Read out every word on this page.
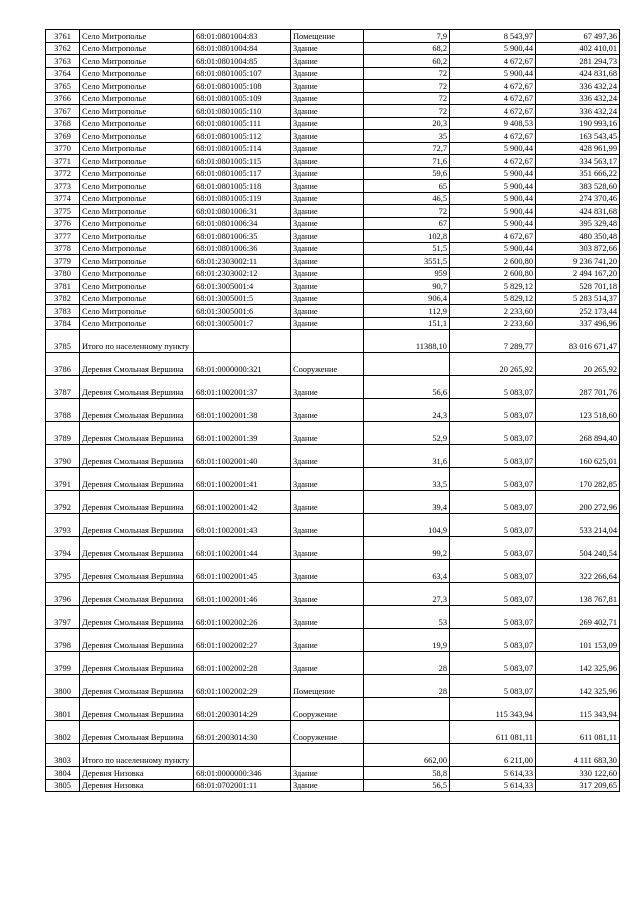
3761	Село Митрополье	68:01:0801004:83	Помещение	7,9	8 543,97	67 497,36
3762	Село Митрополье	68:01:0801004:84	Здание	68,2	5 900,44	402 410,01
3763	Село Митрополье	68:01:0801004:85	Здание	60,2	4 672,67	281 294,73
3764	Село Митрополье	68:01:0801005:107	Здание	72	5 900,44	424 831,68
3765	Село Митрополье	68:01:0801005:108	Здание	72	4 672,67	336 432,24
3766	Село Митрополье	68:01:0801005:109	Здание	72	4 672,67	336 432,24
3767	Село Митрополье	68:01:0801005:110	Здание	72	4 672,67	336 432,24
3768	Село Митрополье	68:01:0801005:111	Здание	20,3	9 408,53	190 993,16
3769	Село Митрополье	68:01:0801005:112	Здание	35	4 672,67	163 543,45
3770	Село Митрополье	68:01:0801005:114	Здание	72,7	5 900,44	428 961,99
3771	Село Митрополье	68:01:0801005:115	Здание	71,6	4 672,67	334 563,17
3772	Село Митрополье	68:01:0801005:117	Здание	59,6	5 900,44	351 666,22
3773	Село Митрополье	68:01:0801005:118	Здание	65	5 900,44	383 528,60
3774	Село Митрополье	68:01:0801005:119	Здание	46,5	5 900,44	274 370,46
3775	Село Митрополье	68:01:0801006:31	Здание	72	5 900,44	424 831,68
3776	Село Митрополье	68:01:0801006:34	Здание	67	5 900,44	395 329,48
3777	Село Митрополье	68:01:0801006:35	Здание	102,8	4 672,67	480 350,48
3778	Село Митрополье	68:01:0801006:36	Здание	51,5	5 900,44	303 872,66
3779	Село Митрополье	68:01:2303002:11	Здание	3551,5	2 600,80	9 236 741,20
3780	Село Митрополье	68:01:2303002:12	Здание	959	2 600,80	2 494 167,20
3781	Село Митрополье	68:01:3005001:4	Здание	90,7	5 829,12	528 701,18
3782	Село Митрополье	68:01:3005001:5	Здание	906,4	5 829,12	5 283 514,37
3783	Село Митрополье	68:01:3005001:6	Здание	112,9	2 233,60	252 173,44
3784	Село Митрополье	68:01:3005001:7	Здание	151,1	2 233,60	337 496,96
3785	Итого по населенному пункту			11388,10	7 289,77	83 016 671,47
3786	Деревня Смольная Вершина	68:01:0000000:321	Сооружение		20 265,92	20 265,92
3787	Деревня Смольная Вершина	68:01:1002001:37	Здание	56,6	5 083,07	287 701,76
3788	Деревня Смольная Вершина	68:01:1002001:38	Здание	24,3	5 083,07	123 518,60
3789	Деревня Смольная Вершина	68:01:1002001:39	Здание	52,9	5 083,07	268 894,40
3790	Деревня Смольная Вершина	68:01:1002001:40	Здание	31,6	5 083,07	160 625,01
3791	Деревня Смольная Вершина	68:01:1002001:41	Здание	33,5	5 083,07	170 282,85
3792	Деревня Смольная Вершина	68:01:1002001:42	Здание	39,4	5 083,07	200 272,96
3793	Деревня Смольная Вершина	68:01:1002001:43	Здание	104,9	5 083,07	533 214,04
3794	Деревня Смольная Вершина	68:01:1002001:44	Здание	99,2	5 083,07	504 240,54
3795	Деревня Смольная Вершина	68:01:1002001:45	Здание	63,4	5 083,07	322 266,64
3796	Деревня Смольная Вершина	68:01:1002001:46	Здание	27,3	5 083,07	138 767,81
3797	Деревня Смольная Вершина	68:01:1002002:26	Здание	53	5 083,07	269 402,71
3798	Деревня Смольная Вершина	68:01:1002002:27	Здание	19,9	5 083,07	101 153,09
3799	Деревня Смольная Вершина	68:01:1002002:28	Здание	28	5 083,07	142 325,96
3800	Деревня Смольная Вершина	68:01:1002002:29	Помещение	28	5 083,07	142 325,96
3801	Деревня Смольная Вершина	68:01:2003014:29	Сооружение		115 343,94	115 343,94
3802	Деревня Смольная Вершина	68:01:2003014:30	Сооружение		611 081,11	611 081,11
3803	Итого по населенному пункту			662,00	6 211,00	4 111 683,30
3804	Деревня Низовка	68:01:0000000:346	Здание	58,8	5 614,33	330 122,60
3805	Деревня Низовка	68:01:0702001:11	Здание	56,5	5 614,33	317 209,65
